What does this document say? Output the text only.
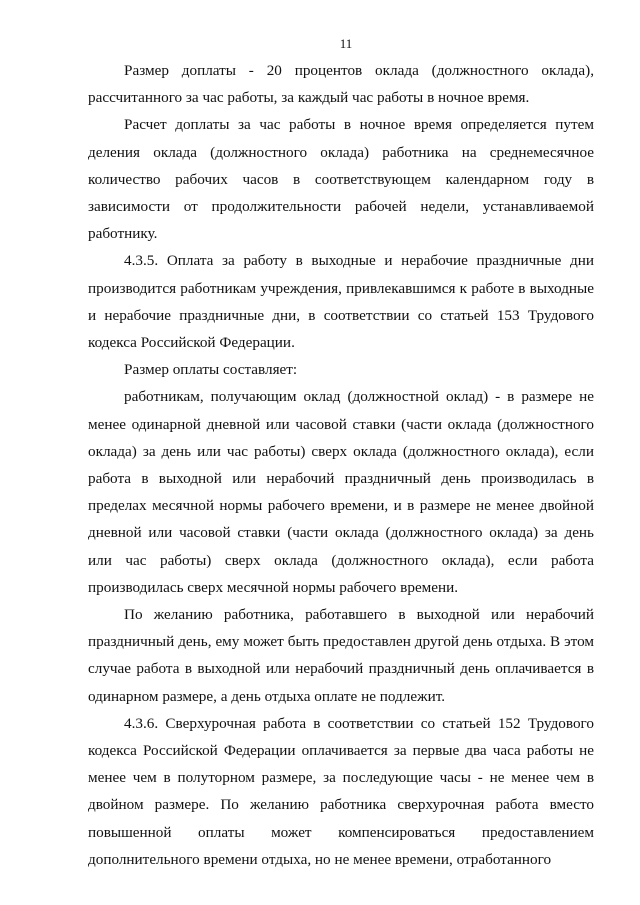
11

Размер доплаты - 20 процентов оклада (должностного оклада), рассчитанного за час работы, за каждый час работы в ночное время.

Расчет доплаты за час работы в ночное время определяется путем деления оклада (должностного оклада) работника на среднемесячное количество рабочих часов в соответствующем календарном году в зависимости от продолжительности рабочей недели, устанавливаемой работнику.

4.3.5. Оплата за работу в выходные и нерабочие праздничные дни производится работникам учреждения, привлекавшимся к работе в выходные и нерабочие праздничные дни, в соответствии со статьей 153 Трудового кодекса Российской Федерации.

Размер оплаты составляет:

работникам, получающим оклад (должностной оклад) - в размере не менее одинарной дневной или часовой ставки (части оклада (должностного оклада) за день или час работы) сверх оклада (должностного оклада), если работа в выходной или нерабочий праздничный день производилась в пределах месячной нормы рабочего времени, и в размере не менее двойной дневной или часовой ставки (части оклада (должностного оклада) за день или час работы) сверх оклада (должностного оклада), если работа производилась сверх месячной нормы рабочего времени.

По желанию работника, работавшего в выходной или нерабочий праздничный день, ему может быть предоставлен другой день отдыха. В этом случае работа в выходной или нерабочий праздничный день оплачивается в одинарном размере, а день отдыха оплате не подлежит.

4.3.6. Сверхурочная работа в соответствии со статьей 152 Трудового кодекса Российской Федерации оплачивается за первые два часа работы не менее чем в полуторном размере, за последующие часы - не менее чем в двойном размере. По желанию работника сверхурочная работа вместо повышенной оплаты может компенсироваться предоставлением дополнительного времени отдыха, но не менее времени, отработанного
